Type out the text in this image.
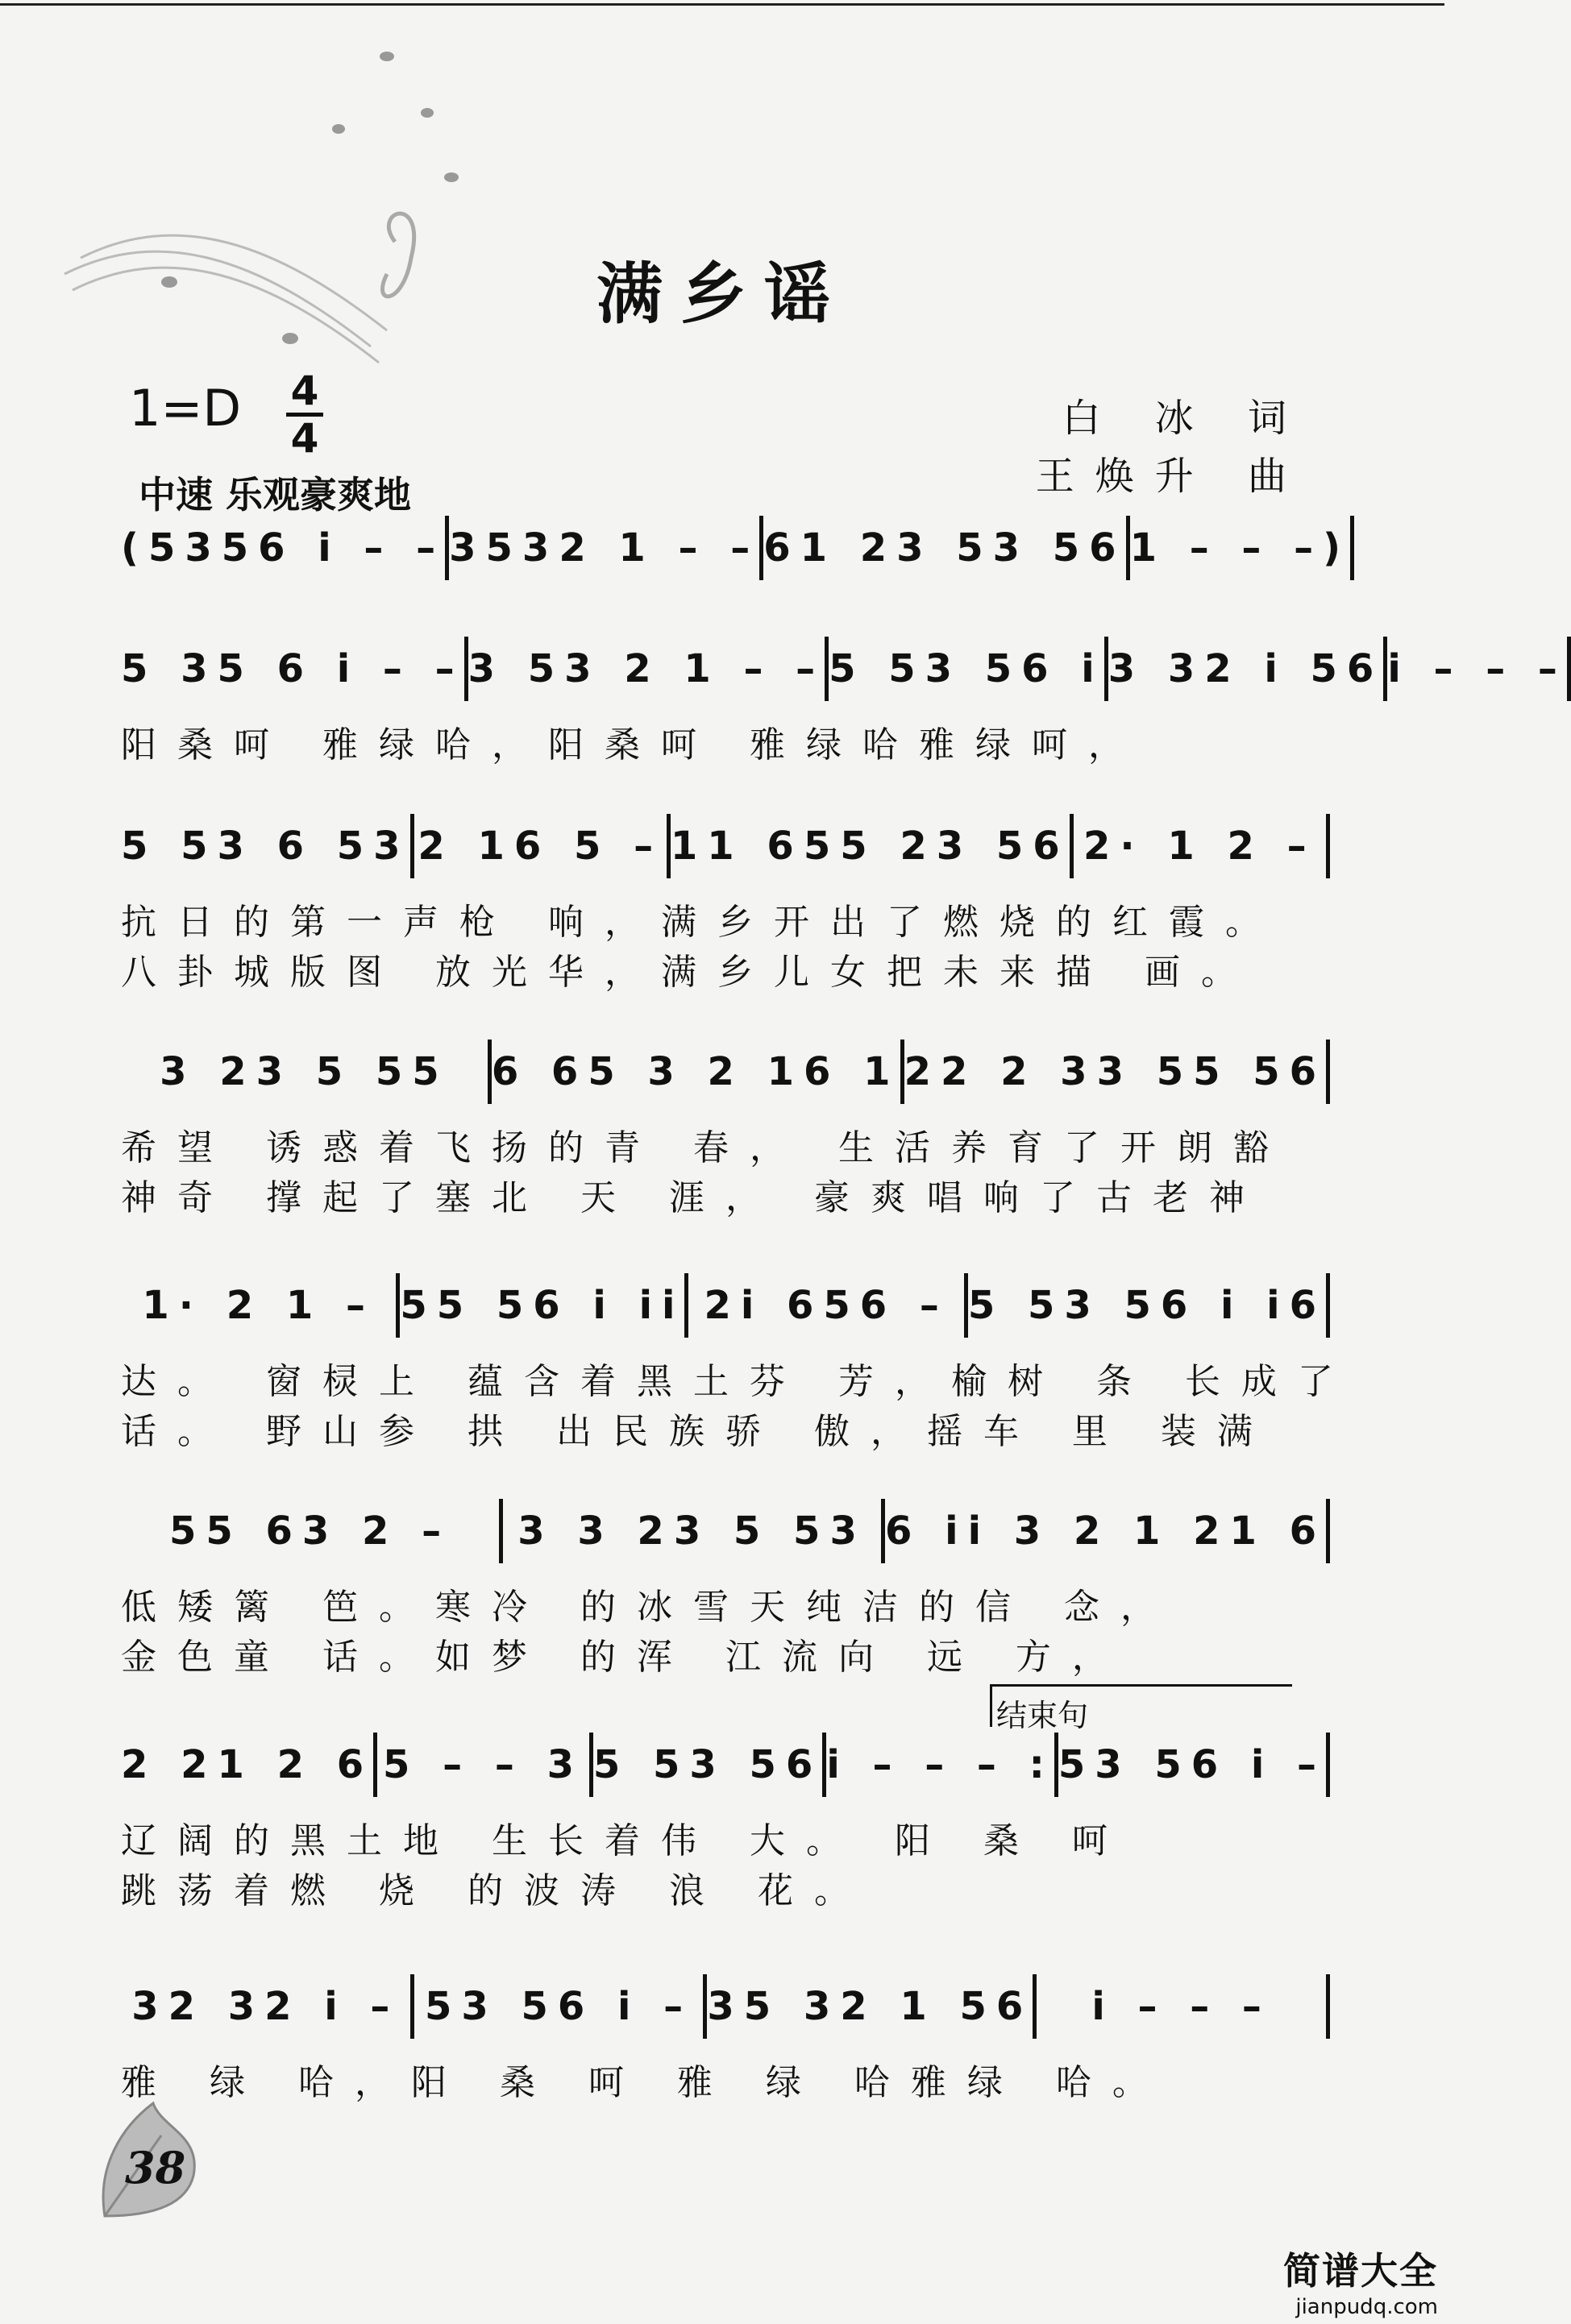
满乡谣
1=D 4
4
中速 乐观豪爽地
白 冰 词
王焕升 曲
(5356 i – – 3532 1 – – 61 23 53 56 1 – – –)
5 35 6 i – – 3 53 2 1 – – 5 53 56 i 3 32 i 56 i – – –
阳桑呵 雅绿哈，阳桑呵 雅绿哈雅绿呵，
5 53 6 53 2 16 5 – 11 655 23 56 2· 1 2 –
抗日的第一声枪 响，满乡开出了燃烧的红霞。
八卦城版图 放光华，满乡儿女把未来描 画。
3 23 5 55	6 65 3 2 16 1 22 2 33 55 56
希望 诱惑着飞扬的青 春， 生活养育了开朗豁
神奇 撑起了塞北 天 涯， 豪爽唱响了古老神
1· 2 1 – 55 56 i ii 2i 656 – 5 53 56 i i6
达。 窗棂上 蕴含着黑土芬 芳，榆树 条 长成了
话。 野山参 拱 出民族骄 傲，摇车 里 装满
55 63 2 –	3 3 23 5 53 6 ii 3 2 1 21 6
低矮篱 笆。寒冷 的冰雪天纯洁的信 念，
金色童 话。如梦 的浑 江流向 远 方，
2 21 2 6 5 – – 3 5 53 56 i – – – : 53 56 i –
辽阔的黑土地 生长着伟 大。 阳 桑 呵
跳荡着燃 烧 的波涛 浪 花。
32 32 i – 53 56 i – 35 32 1 56	i – – –
雅 绿 哈，阳 桑 呵 雅 绿 哈雅绿 哈。
结束句
38
简谱大全
jianpudq.com
